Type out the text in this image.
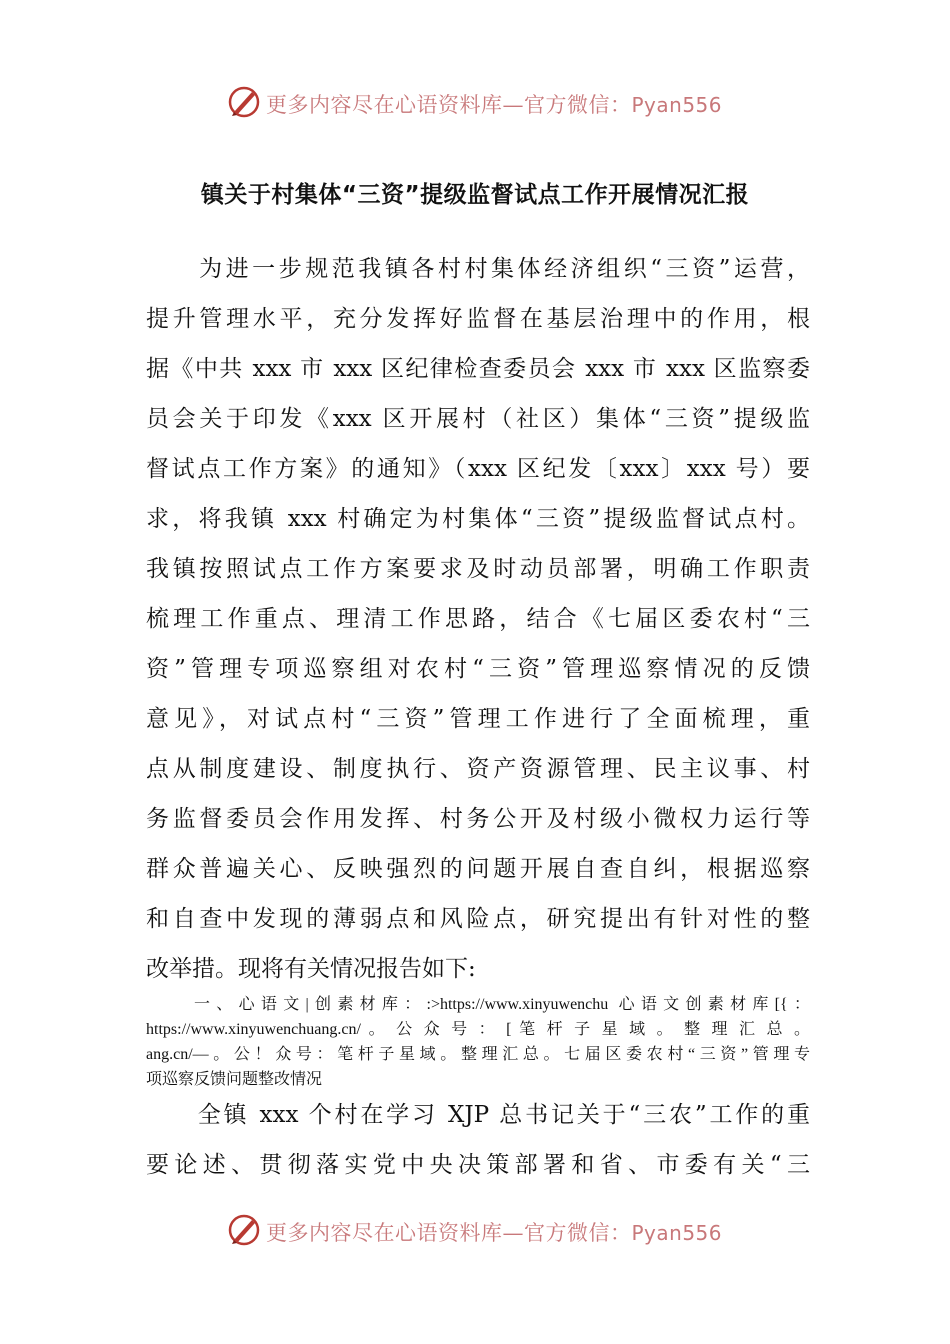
更多内容尽在心语资料库—官方微信：Pyan556
镇关于村集体“三资”提级监督试点工作开展情况汇报
　　为进一步规范我镇各村村集体经济组织“三资”运营，
提升管理水平，充分发挥好监督在基层治理中的作用，根
据《中共 xxx 市 xxx 区纪律检查委员会 xxx 市 xxx 区监察委
员会关于印发《xxx 区开展村（社区）集体“三资”提级监
督试点工作方案》的通知》（xxx 区纪发〔xxx〕xxx 号）要
求，将我镇 xxx 村确定为村集体“三资”提级监督试点村。
我镇按照试点工作方案要求及时动员部署，明确工作职责
梳理工作重点、理清工作思路，结合《七届区委农村“三
资”管理专项巡察组对农村“三资”管理巡察情况的反馈
意见》，对试点村“三资”管理工作进行了全面梳理，重
点从制度建设、制度执行、资产资源管理、民主议事、村
务监督委员会作用发挥、村务公开及村级小微权力运行等
群众普遍关心、反映强烈的问题开展自查自纠，根据巡察
和自查中发现的薄弱点和风险点，研究提出有针对性的整
改举措。现将有关情况报告如下:
一、心语文|创素材库：:>https://www.xinyuwenchu 心语文创素材库[{：
https://www.xinyuwenchuang.cn/ 。 公 众 号 ： [ 笔 杆 子 星 域 。 整 理 汇 总 。
ang.cn/—。公！众号：笔杆子星域。整理汇总。七届区委农村“三资”管理专
项巡察反馈问题整改情况
　　全镇 xxx 个村在学习 XJP 总书记关于“三农”工作的重
要论述、贯彻落实党中央决策部署和省、市委有关“三
更多内容尽在心语资料库—官方微信：Pyan556
